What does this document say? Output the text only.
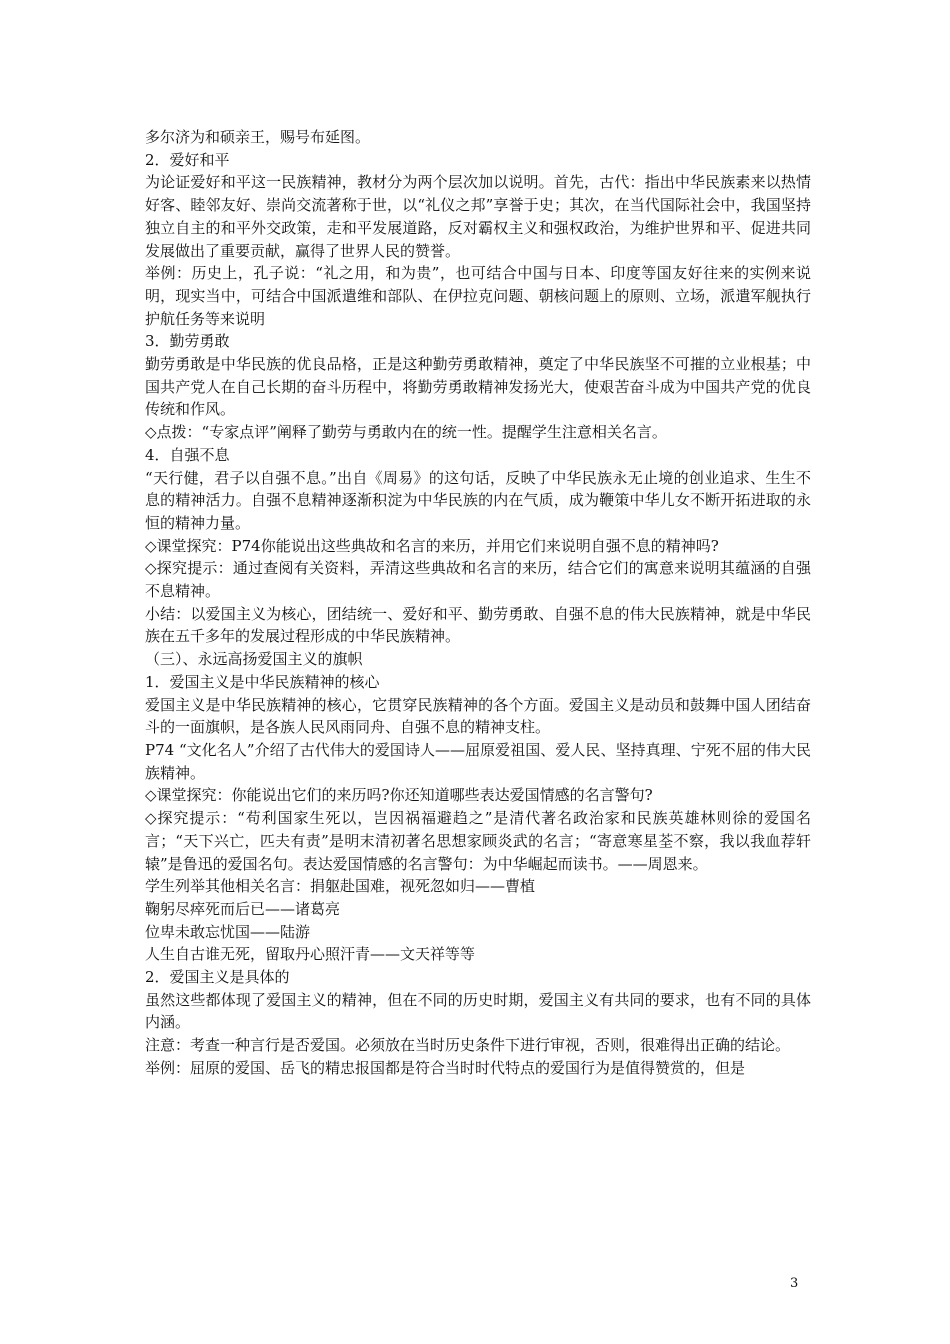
多尔济为和硕亲王，赐号布延图。

2．爱好和平

为论证爱好和平这一民族精神，教材分为两个层次加以说明。首先，古代：指出中华民族素来以热情好客、睦邻友好、崇尚交流著称于世，以“礼仪之邦”享誉于史；其次，在当代国际社会中，我国坚持独立自主的和平外交政策，走和平发展道路，反对霸权主义和强权政治，为维护世界和平、促进共同发展做出了重要贡献，赢得了世界人民的赞誉。

举例：历史上，孔子说：“礼之用，和为贵”，也可结合中国与日本、印度等国友好往来的实例来说明，现实当中，可结合中国派遣维和部队、在伊拉克问题、朝核问题上的原则、立场，派遣军舰执行护航任务等来说明

3．勤劳勇敢

勤劳勇敢是中华民族的优良品格，正是这种勤劳勇敢精神，奠定了中华民族坚不可摧的立业根基；中国共产党人在自己长期的奋斗历程中，将勤劳勇敢精神发扬光大，使艰苦奋斗成为中国共产党的优良传统和作风。

◇点拨：“专家点评”阐释了勤劳与勇敢内在的统一性。提醒学生注意相关名言。

4．自强不息

“天行健，君子以自强不息。”出自《周易》的这句话，反映了中华民族永无止境的创业追求、生生不息的精神活力。自强不息精神逐渐积淀为中华民族的内在气质，成为鞭策中华儿女不断开拓进取的永恒的精神力量。

◇课堂探究：P74你能说出这些典故和名言的来历，并用它们来说明自强不息的精神吗?

◇探究提示：通过查阅有关资料，弄清这些典故和名言的来历，结合它们的寓意来说明其蕴涵的自强不息精神。

小结：以爱国主义为核心，团结统一、爱好和平、勤劳勇敢、自强不息的伟大民族精神，就是中华民族在五千多年的发展过程形成的中华民族精神。

（三）、永远高扬爱国主义的旗帜

1．爱国主义是中华民族精神的核心

爱国主义是中华民族精神的核心，它贯穿民族精神的各个方面。爱国主义是动员和鼓舞中国人团结奋斗的一面旗帜，是各族人民风雨同舟、自强不息的精神支柱。

P74 “文化名人”介绍了古代伟大的爱国诗人——屈原爱祖国、爱人民、坚持真理、宁死不屈的伟大民族精神。

◇课堂探究：你能说出它们的来历吗?你还知道哪些表达爱国情感的名言警句?

◇探究提示：“苟利国家生死以，岂因祸福避趋之”是清代著名政治家和民族英雄林则徐的爱国名言；“天下兴亡，匹夫有责”是明末清初著名思想家顾炎武的名言；“寄意寒星荃不察，我以我血荐轩辕”是鲁迅的爱国名句。表达爱国情感的名言警句：为中华崛起而读书。——周恩来。

学生列举其他相关名言：捐躯赴国难，视死忽如归——曹植

鞠躬尽瘁死而后已——诸葛亮

位卑未敢忘忧国——陆游

人生自古谁无死，留取丹心照汗青——文天祥等等

2．爱国主义是具体的

虽然这些都体现了爱国主义的精神，但在不同的历史时期，爱国主义有共同的要求，也有不同的具体内涵。

注意：考查一种言行是否爱国。必须放在当时历史条件下进行审视，否则，很难得出正确的结论。

举例：屈原的爱国、岳飞的精忠报国都是符合当时时代特点的爱国行为是值得赞赏的，但是

3
